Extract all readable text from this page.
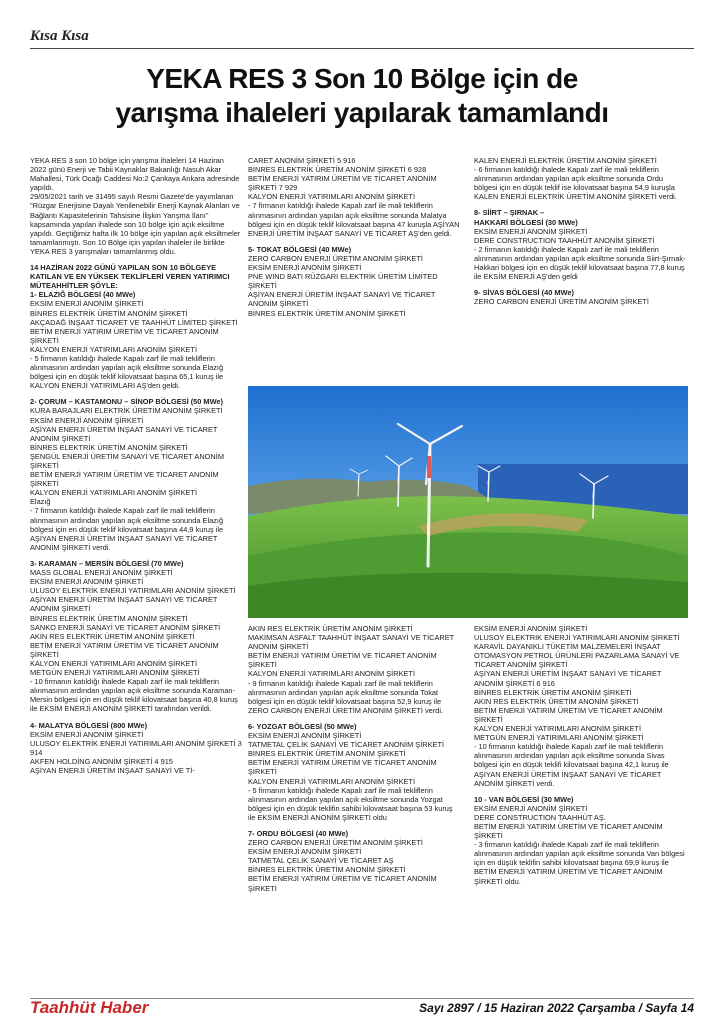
Kısa Kısa
YEKA RES 3 Son 10 Bölge için de
yarışma ihaleleri yapılarak tamamlandı

YEKA RES 3 son 10 bölge için yarışma ihaleleri 14 Haziran 2022 günü Enerji ve Tabii Kaynaklar Bakanlığı Nasuh Akar Mahallesi, Türk Ocağı Caddesi No:2 Çankaya Ankara adresinde yapıldı.
29/05/2021 tarih ve 31495 sayılı Resmi Gazete'de yayımlanan "Rüzgar Enerjisine Dayalı Yenilenebilir Enerji Kaynak Alanları ve Bağlantı Kapasitelerinin Tahsisine İlişkin Yarışma İlanı" kapsamında yapılan ihalede son 10 bölge için açık eksiltme yapıldı. Geçtiğimiz hafta ilk 10 bölge için yapılan açık eksiltmeler tamamlanmıştı. Son 10 Bölge için yapılan ihaleler ile birlikte YEKA RES 3 yarışmaları tamamlanmış oldu.

14 HAZİRAN 2022 GÜNÜ YAPILAN SON 10 BÖLGEYE KATILAN VE EN YÜKSEK TEKLİFLERİ VEREN YATIRIMCI MÜTEAHHİTLER ŞÖYLE:
1- ELAZIĞ BÖLGESİ (40 MWe)

EKSİM ENERJİ ANONİM ŞİRKETİ
BİNRES ELEKTRİK ÜRETİM ANONİM ŞİRKETİ
AKÇADAĞ İNŞAAT TİCARET VE TAAHHÜT LİMİTED ŞİRKETİ
BETİM ENERJİ YATIRIM ÜRETİM VE TİCARET ANONİM ŞİRKETİ
KALYON ENERJİ YATIRIMLARI ANONİM ŞİRKETİ
- 5 firmanın katıldığı ihalede Kapalı zarf ile mali tekliflerin alınmasının ardından yapılan açık eksiltme sonunda Elazığ bölgesi için en düşük teklif kilovatsaat başına 65,1 kuruş ile KALYON ENERJİ YATIRIMLARI AŞ'den geldi.

2- ÇORUM – KASTAMONU – SİNOP BÖLGESİ (50 MWe)

KURA BARAJLARI ELEKTRİK ÜRETİM ANONİM ŞİRKETİ
EKSİM ENERJİ ANONİM ŞİRKETİ
AŞİYAN ENERJİ ÜRETİM İNŞAAT SANAYİ VE TİCARET ANONİM ŞİRKETİ
BİNRES ELEKTRİK ÜRETİM ANONİM ŞİRKETİ
ŞENGÜL ENERJİ ÜRETİM SANAYİ VE TİCARET ANONİM ŞİRKETİ
BETİM ENERJİ YATIRIM ÜRETİM VE TİCARET ANONİM ŞİRKETİ
KALYON ENERJİ YATIRIMLARI ANONİM ŞİRKETİ
Elazığ
- 7 firmanın katıldığı ihalede Kapalı zarf ile mali tekliflerin alınmasının ardından yapılan açık eksiltme sonunda Elazığ bölgesi için en düşük teklif kilovatsaat başına 44,9 kuruş ile AŞİYAN ENERJİ ÜRETİM İNŞAAT SANAYİ VE TİCARET ANONİM ŞİRKETİ verdi.

3- KARAMAN – MERSİN BÖLGESİ (70 MWe)

MASS GLOBAL ENERJİ ANONİM ŞİRKETİ
EKSİM ENERJİ ANONİM ŞİRKETİ
ULUSOY ELEKTRİK ENERJİ YATIRIMLARI ANONİM ŞİRKETİ
AŞİYAN ENERJİ ÜRETİM İNŞAAT SANAYİ VE TİCARET ANONİM ŞİRKETİ
BİNRES ELEKTRİK ÜRETİM ANONİM ŞİRKETİ
SANKO ENERJİ SANAYİ VE TİCARET ANONİM ŞİRKETİ
AKIN RES ELEKTRİK ÜRETİM ANONİM ŞİRKETİ
BETİM ENERJİ YATIRIM ÜRETİM VE TİCARET ANONİM ŞİRKETİ
KALYON ENERJİ YATIRIMLARI ANONİM ŞİRKETİ
METGÜN ENERJİ YATIRIMLARI ANONİM ŞİRKETİ
- 10 firmanın katıldığı ihalede Kapalı zarf ile mali tekliflerin alınmasının ardından yapılan açık eksiltme sonunda Karaman-Mersin bölgesi için en düşük teklif kilovatsaat başına 40,8 kuruş ile EKSİM ENERJİ ANONİM ŞİRKETİ tarafından verildi.

4- MALATYA BÖLGESİ (800 MWe)

EKSİM ENERJİ ANONİM ŞİRKETİ
ULUSOY ELEKTRİK ENERJİ YATIRIMLARI ANONİM ŞİRKETİ 3 914
AKFEN HOLDİNG ANONİM ŞİRKETİ 4 915
AŞİYAN ENERJİ ÜRETİM İNŞAAT SANAYİ VE Tİ-

CARET ANONİM ŞİRKETİ 5 916
BİNRES ELEKTRİK ÜRETİM ANONİM ŞİRKETİ 6 928
BETİM ENERJİ YATIRIM ÜRETİM VE TİCARET ANONİM ŞİRKETİ 7 929
KALYON ENERJİ YATIRIMLARI ANONİM ŞİRKETİ
- 7 firmanın katıldığı ihalede Kapalı zarf ile mali tekliflerin alınmasının ardından yapılan açık eksiltme sonunda Malatya bölgesi için en düşük teklif kilovatsaat başına 47 kuruşla AŞİYAN ENERJİ ÜRETİM İNŞAAT SANAYİ VE TİCARET AŞ'den geldi.

5- TOKAT BÖLGESİ (40 MWe)

ZERO CARBON ENERJİ ÜRETİM ANONİM ŞİRKETİ
EKSİM ENERJİ ANONİM ŞİRKETİ
PNE WIND BATI RÜZGARI ELEKTRİK ÜRETİM LİMİTED ŞİRKETİ
AŞİYAN ENERJİ ÜRETİM İNŞAAT SANAYİ VE TİCARET ANONİM ŞİRKETİ
BİNRES ELEKTRİK ÜRETİM ANONİM ŞİRKETİ

KALEN ENERJİ ELEKTRİK ÜRETİM ANONİM ŞİRKETİ
- 6 firmanın katıldığı ihalede Kapalı zarf ile mali tekliflerin alınmasının ardından yapılan açık eksiltme sonunda Ordu bölgesi için en düşük teklif ise kilovatsaat başına 54,9 kuruşla KALEN ENERJİ ELEKTRİK ÜRETİM ANONİM ŞİRKETİ verdi.

8- SİİRT – ŞIRNAK –
HAKKARİ BÖLGESİ (30 MWe)

EKSİM ENERJİ ANONİM ŞİRKETİ
DERE CONSTRUCTION TAAHHÜT ANONİM ŞİRKETİ
- 2 firmanın katıldığı ihalede Kapalı zarf ile mali tekliflerin alınmasının ardından yapılan açık eksiltme sonunda Siirt-Şırnak-Hakkari bölgesi için en düşük teklif kilovatsaat başına 77,8 kuruş ile EKSİM ENERJİ AŞ'den geldi

9- SİVAS BÖLGESİ (40 MWe)

ZERO CARBON ENERJİ ÜRETİM ANONİM ŞİRKETİ

AKIN RES ELEKTRİK ÜRETİM ANONİM ŞİRKETİ
MAKİMSAN ASFALT TAAHHÜT İNŞAAT SANAYİ VE TİCARET ANONİM ŞİRKETİ
BETİM ENERJİ YATIRIM ÜRETİM VE TİCARET ANONİM ŞİRKETİ
KALYON ENERJİ YATIRIMLARI ANONİM ŞİRKETİ
- 9 firmanın katıldığı ihalede Kapalı zarf ile mali tekliflerin alınmasının ardından yapılan açık eksiltme sonunda Tokat bölgesi için en düşük teklif kilovatsaat başına 52,9 kuruş ile ZERO CARBON ENERJİ ÜRETİM ANONİM ŞİRKETİ verdi.

6- YOZGAT BÖLGESİ (50 MWe)

EKSİM ENERJİ ANONİM ŞİRKETİ
TATMETAL ÇELİK SANAYİ VE TİCARET ANONİM ŞİRKETİ
BİNRES ELEKTRİK ÜRETİM ANONİM ŞİRKETİ
BETİM ENERJİ YATIRIM ÜRETİM VE TİCARET ANONİM ŞİRKETİ
KALYON ENERJİ YATIRIMLARI ANONİM ŞİRKETİ
- 5 firmanın katıldığı ihalede Kapalı zarf ile mali tekliflerin alınmasının ardından yapılan açık eksiltme sonunda Yozgat bölgesi için en düşük teklifin sahibi kilovatsaat başına 53 kuruş ile EKSİM ENERJİ ANONİM ŞİRKETİ oldu

7- ORDU BÖLGESİ (40 MWe)

ZERO CARBON ENERJİ ÜRETİM ANONİM ŞİRKETİ
EKSİM ENERJİ ANONİM ŞİRKETİ
TATMETAL ÇELİK SANAYİ VE TİCARET AŞ
BİNRES ELEKTRİK ÜRETİM ANONİM ŞİRKETİ
BETİM ENERJİ YATIRIM ÜRETİM VE TİCARET ANONİM ŞİRKETİ

EKSİM ENERJİ ANONİM ŞİRKETİ
ULUSOY ELEKTRİK ENERJİ YATIRIMLARI ANONİM ŞİRKETİ
KARAVİL DAYANIKLI TÜKETİM MALZEMELERİ İNŞAAT OTOMASYON PETROL ÜRÜNLERİ PAZARLAMA SANAYİ VE TİCARET ANONİM ŞİRKETİ
AŞİYAN ENERJİ ÜRETİM İNŞAAT SANAYİ VE TİCARET ANONİM ŞİRKETİ 6 916
BİNRES ELEKTRİK ÜRETİM ANONİM ŞİRKETİ
AKIN RES ELEKTRİK ÜRETİM ANONİM ŞİRKETİ
BETİM ENERJİ YATIRIM ÜRETİM VE TİCARET ANONİM ŞİRKETİ
KALYON ENERJİ YATIRIMLARI ANONİM ŞİRKETİ
METGÜN ENERJİ YATIRIMLARI ANONİM ŞİRKETİ
- 10 firmanın katıldığı ihalede Kapalı zarf ile mali tekliflerin alınmasının ardından yapılan açık eksiltme sonunda Sivas bölgesi için en düşük teklifi kilovatsaat başına 42,1 kuruş ile AŞİYAN ENERJİ ÜRETİM İNŞAAT SANAYİ VE TİCARET ANONİM ŞİRKETİ verdi.

10 - VAN BÖLGESİ (30 MWe)

EKSİM ENERJİ ANONİM ŞİRKETİ
DERE CONSTRUCTION TAAHHÜT AŞ.
BETİM ENERJİ YATIRIM ÜRETİM VE TİCARET ANONİM ŞİRKETİ
- 3 firmanın katıldığı ihalede Kapalı zarf ile mali tekliflerin alınmasının ardından yapılan açık eksiltme sonunda Van bölgesi için en düşük teklifin sahibi kilovatsaat başına 69,9 kuruş ile BETİM ENERJİ YATIRIM ÜRETİM VE TİCARET ANONİM ŞİRKETİ oldu.

Taahhüt Haber	Sayı 2897 / 15 Haziran 2022 Çarşamba / Sayfa 14
